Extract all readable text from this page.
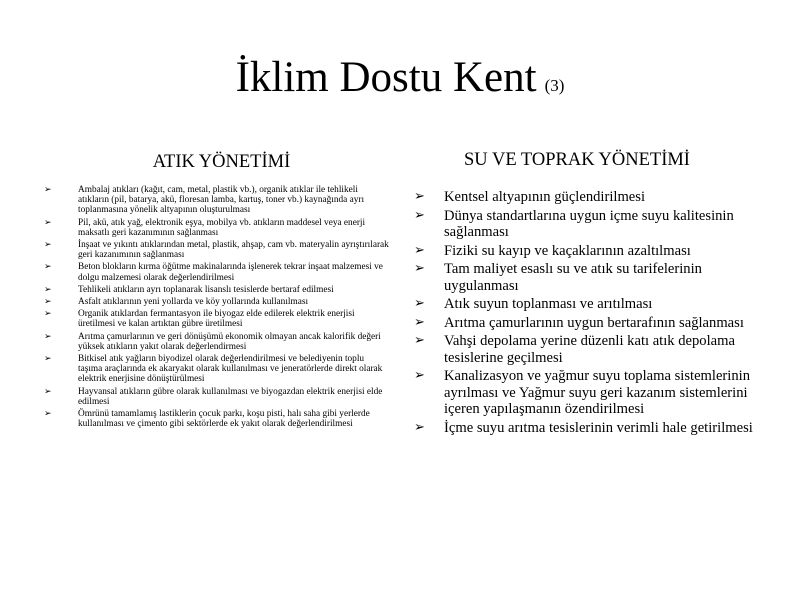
İklim Dostu Kent (3)
ATIK YÖNETİMİ
➢	Ambalaj atıkları (kağıt, cam, metal, plastik vb.), organik atıklar ile tehlikeli atıkların (pil, batarya, akü, floresan lamba, kartuş, toner vb.) kaynağında ayrı toplanmasına yönelik altyapının oluşturulması
➢	Pil, akü, atık yağ, elektronik eşya, mobilya vb. atıkların maddesel veya enerji maksatlı geri kazanımının sağlanması
➢	İnşaat ve yıkıntı atıklarından metal, plastik, ahşap, cam vb. materyalin ayrıştırılarak geri kazanımının sağlanması
➢	Beton blokların kırma öğütme makinalarında işlenerek tekrar inşaat malzemesi ve dolgu malzemesi olarak değerlendirilmesi
➢	Tehlikeli atıkların ayrı toplanarak lisanslı tesislerde bertaraf edilmesi
➢	Asfalt atıklarının yeni yollarda ve köy yollarında kullanılması
➢	Organik atıklardan fermantasyon ile biyogaz elde edilerek elektrik enerjisi üretilmesi ve kalan artıktan gübre üretilmesi
➢	Arıtma çamurlarının ve geri dönüşümü ekonomik olmayan ancak kalorifik değeri yüksek atıkların yakıt olarak değerlendirmesi
➢	Bitkisel atık yağların biyodizel olarak değerlendirilmesi ve belediyenin toplu taşıma araçlarında ek akaryakıt olarak kullanılması ve jeneratörlerde direkt olarak elektrik enerjisine dönüştürülmesi
➢	Hayvansal atıkların gübre olarak kullanılması ve biyogazdan elektrik enerjisi elde edilmesi
➢	Ömrünü tamamlamış lastiklerin çocuk parkı, koşu pisti, halı saha gibi yerlerde kullanılması ve çimento gibi sektörlerde ek yakıt olarak değerlendirilmesi
SU VE TOPRAK YÖNETİMİ
➢ Kentsel altyapının güçlendirilmesi
➢ Dünya standartlarına uygun içme suyu kalitesinin sağlanması
➢ Fiziki su kayıp ve kaçaklarının azaltılması
➢ Tam maliyet esaslı su ve atık su tarifelerinin uygulanması
➢ Atık suyun toplanması ve arıtılması
➢ Arıtma çamurlarının uygun bertarafının sağlanması
➢ Vahşi depolama yerine düzenli katı atık depolama tesislerine geçilmesi
➢ Kanalizasyon ve yağmur suyu toplama sistemlerinin ayrılması ve Yağmur suyu geri kazanım sistemlerini içeren yapılaşmanın özendirilmesi
➢ İçme suyu arıtma tesislerinin verimli hale getirilmesi
